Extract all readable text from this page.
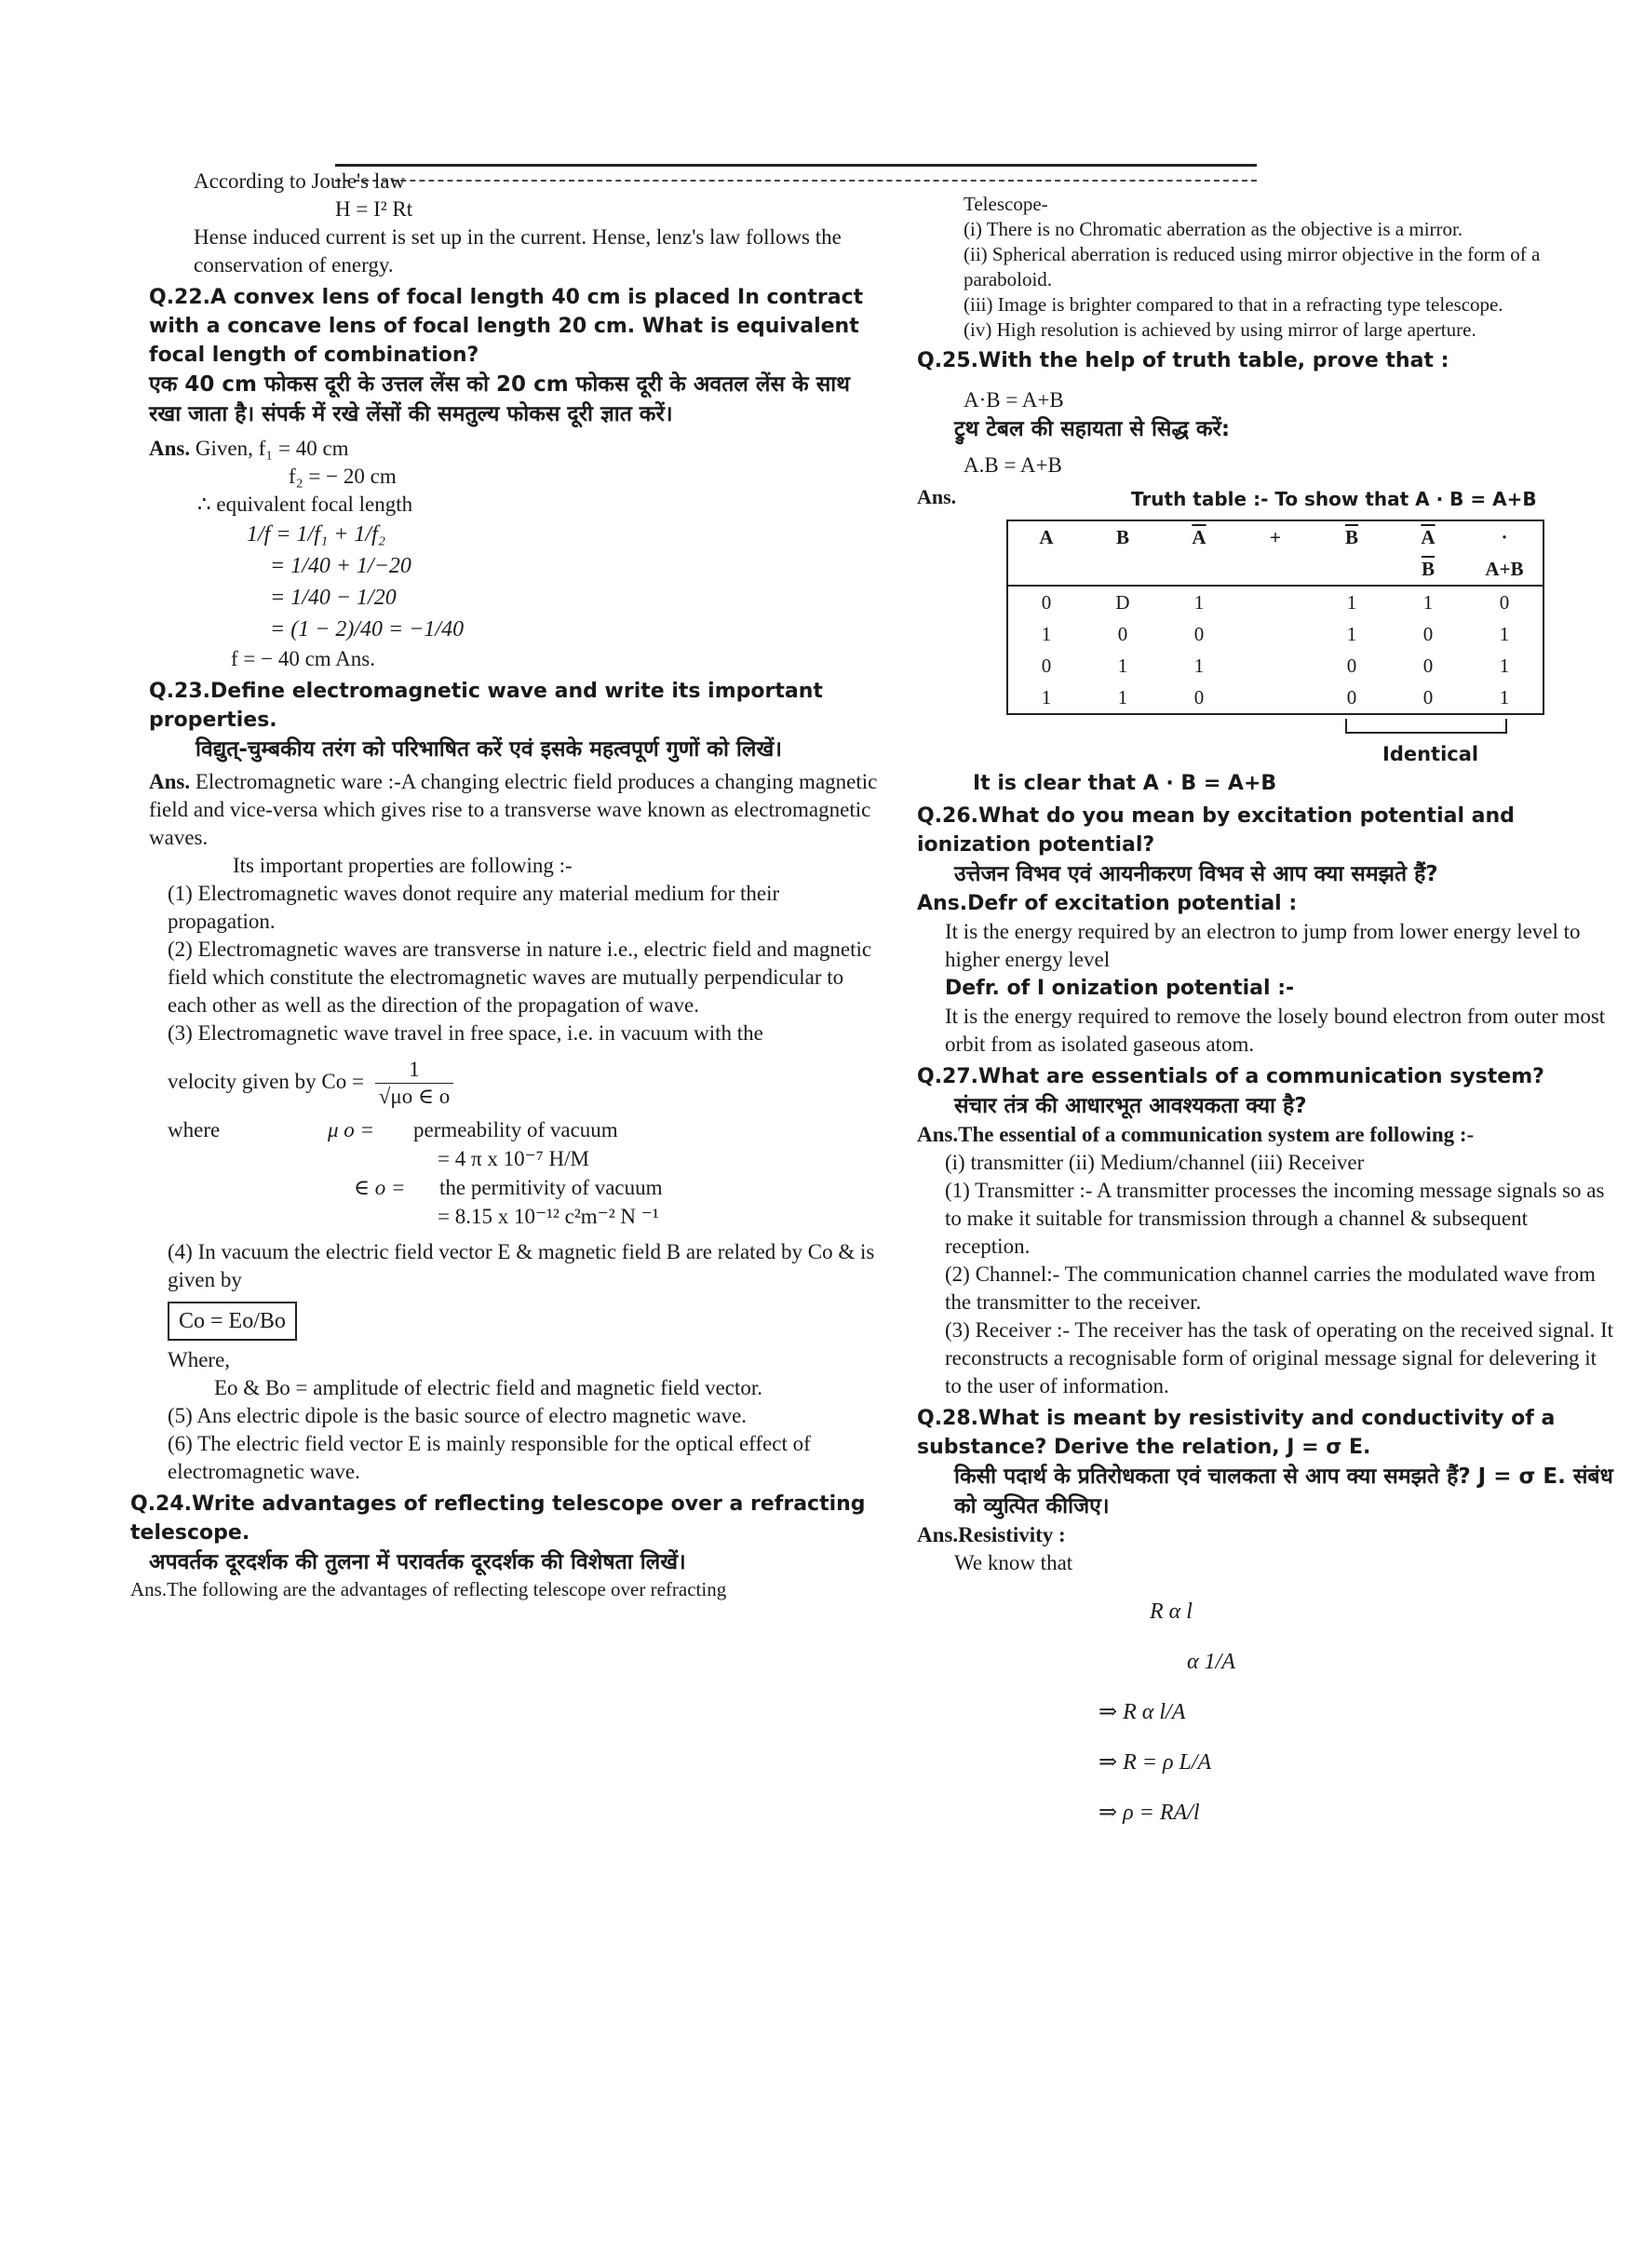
According to Joule's law

H = I² Rt

Hense induced current is set up in the current. Hense, lenz's law follows the conservation of energy.

Q.22.A convex lens of focal length 40 cm is placed In contract with a concave lens of focal length 20 cm. What is equivalent focal length of combination?

एक 40 cm फोकस दूरी के उत्तल लेंस को 20 cm फोकस दूरी के अवतल लेंस के साथ रखा जाता है। संपर्क में रखे लेंसों की समतुल्य फोकस दूरी ज्ञात करें।

Ans. Given, f₁ = 40 cm

f₂ = − 20 cm

∴ equivalent focal length

1/f = 1/f₁ + 1/f₂

= 1/40 + 1/−20

= 1/40 − 1/20

= (1 − 2)/40 = −1/40

f = − 40 cm Ans.

Q.23.Define electromagnetic wave and write its important properties.

विद्युत्-चुम्बकीय तरंग को परिभाषित करें एवं इसके महत्वपूर्ण गुणों को लिखें।

Ans. Electromagnetic ware :-A changing electric field produces a changing magnetic field and vice-versa which gives rise to a transverse wave known as electromagnetic waves.

Its important properties are following :-

(1) Electromagnetic waves donot require any material medium for their propagation.

(2) Electromagnetic waves are transverse in nature i.e., electric field and magnetic field which constitute the electromagnetic waves are mutually perpendicular to each other as well as the direction of the propagation of wave.

(3) Electromagnetic wave travel in free space, i.e. in vacuum with the

velocity given by $Co = \frac{1}{√\mu o \in o}$

where	μ o =	permeability of vacuum

= 4 π x 10⁻⁷ H/M

∈ o =	the permitivity of vacuum

= 8.15 x 10⁻¹² c²m⁻² N ⁻¹

(4) In vacuum the electric field vector E & magnetic field B are related by Co & is given by

Co = Eo/Bo

Where,

Eo & Bo = amplitude of electric field and magnetic field vector.

(5) Ans electric dipole is the basic source of electro magnetic wave.

(6) The electric field vector E is mainly responsible for the optical effect of electromagnetic wave.

Q.24.Write advantages of reflecting telescope over a refracting telescope.

अपवर्तक दूरदर्शक की तुलना में परावर्तक दूरदर्शक की विशेषता लिखें।

Ans.The following are the advantages of reflecting telescope over refracting

Telescope-

(i) There is no Chromatic aberration as the objective is a mirror.

(ii) Spherical aberration is reduced using mirror objective in the form of a paraboloid.

(iii) Image is brighter compared to that in a refracting type telescope.

(iv) High resolution is achieved by using mirror of large aperture.

Q.25.With the help of truth table, prove that :

A·B = A+B

ट्रुथ टेबल की सहायता से सिद्ध करें:

A.B = A+B

Ans.	Truth table :- To show that A · B = A+B
A	B	$\overline{A}$	+	$\overline{B}$	$\overline{A}$	·
					$\overline{B}$	A+B
0	D	1		1	1	0
1	0	0		1	0	1
0	1	1		0	0	1
1	1	0		0	0	1

Identical

It is clear that A · B = A+B

Q.26.What do you mean by excitation potential and ionization potential?

उत्तेजन विभव एवं आयनीकरण विभव से आप क्या समझते हैं?

Ans.Defr of excitation potential :

It is the energy required by an electron to jump from lower energy level to higher energy level

Defr. of I onization potential :-

It is the energy required to remove the losely bound electron from outer most orbit from as isolated gaseous atom.

Q.27.What are essentials of a communication system?

संचार तंत्र की आधारभूत आवश्यकता क्या है?

Ans.The essential of a communication system are following :-

(i) transmitter (ii) Medium/channel (iii) Receiver

(1) Transmitter :- A transmitter processes the incoming message signals so as to make it suitable for transmission through a channel & subsequent reception.

(2) Channel:- The communication channel carries the modulated wave from the transmitter to the receiver.

(3) Receiver :- The receiver has the task of operating on the received signal. It reconstructs a recognisable form of original message signal for delevering it to the user of information.

Q.28.What is meant by resistivity and conductivity of a substance? Derive the relation, J = σ E.

किसी पदार्थ के प्रतिरोधकता एवं चालकता से आप क्या समझते हैं? J = σ E. संबंध को व्युत्पित कीजिए।

Ans.Resistivity :

We know that

R α l

α 1/A

⇒ R α l/A

⇒ R = ρ L/A

⇒ ρ = RA/l
